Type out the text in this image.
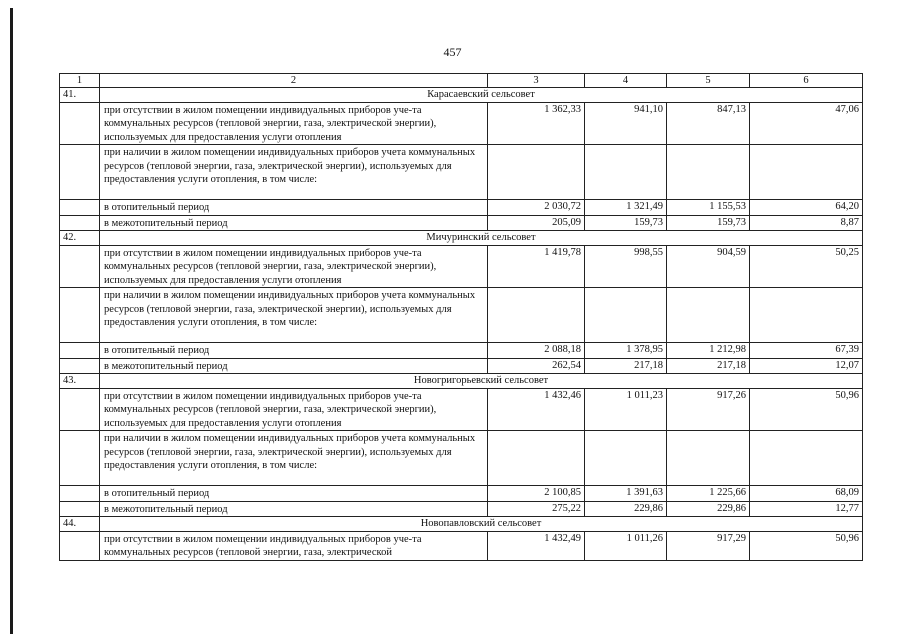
457
1	2	3	4	5	6
41.	Карасаевский сельсовет				
	при отсутствии в жилом помещении индивидуальных приборов уче-та коммунальных ресурсов (тепловой энергии, газа, электрической энергии), используемых для предоставления услуги отопления	1 362,33	941,10	847,13	47,06
	при наличии в жилом помещении индивидуальных приборов учета коммунальных ресурсов (тепловой энергии, газа, электрической энергии), используемых для предоставления услуги отопления, в том числе:				
	в отопительный период	2 030,72	1 321,49	1 155,53	64,20
	в межотопительный период	205,09	159,73	159,73	8,87
42.	Мичуринский сельсовет				
	при отсутствии в жилом помещении индивидуальных приборов уче-та коммунальных ресурсов (тепловой энергии, газа, электрической энергии), используемых для предоставления услуги отопления	1 419,78	998,55	904,59	50,25
	при наличии в жилом помещении индивидуальных приборов учета коммунальных ресурсов (тепловой энергии, газа, электрической энергии), используемых для предоставления услуги отопления, в том числе:				
	в отопительный период	2 088,18	1 378,95	1 212,98	67,39
	в межотопительный период	262,54	217,18	217,18	12,07
43.	Новогригорьевский сельсовет				
	при отсутствии в жилом помещении индивидуальных приборов уче-та коммунальных ресурсов (тепловой энергии, газа, электрической энергии), используемых для предоставления услуги отопления	1 432,46	1 011,23	917,26	50,96
	при наличии в жилом помещении индивидуальных приборов учета коммунальных ресурсов (тепловой энергии, газа, электрической энергии), используемых для предоставления услуги отопления, в том числе:				
	в отопительный период	2 100,85	1 391,63	1 225,66	68,09
	в межотопительный период	275,22	229,86	229,86	12,77
44.	Новопавловский сельсовет				
	при отсутствии в жилом помещении индивидуальных приборов уче-та коммунальных ресурсов (тепловой энергии, газа, электрической	1 432,49	1 011,26	917,29	50,96
